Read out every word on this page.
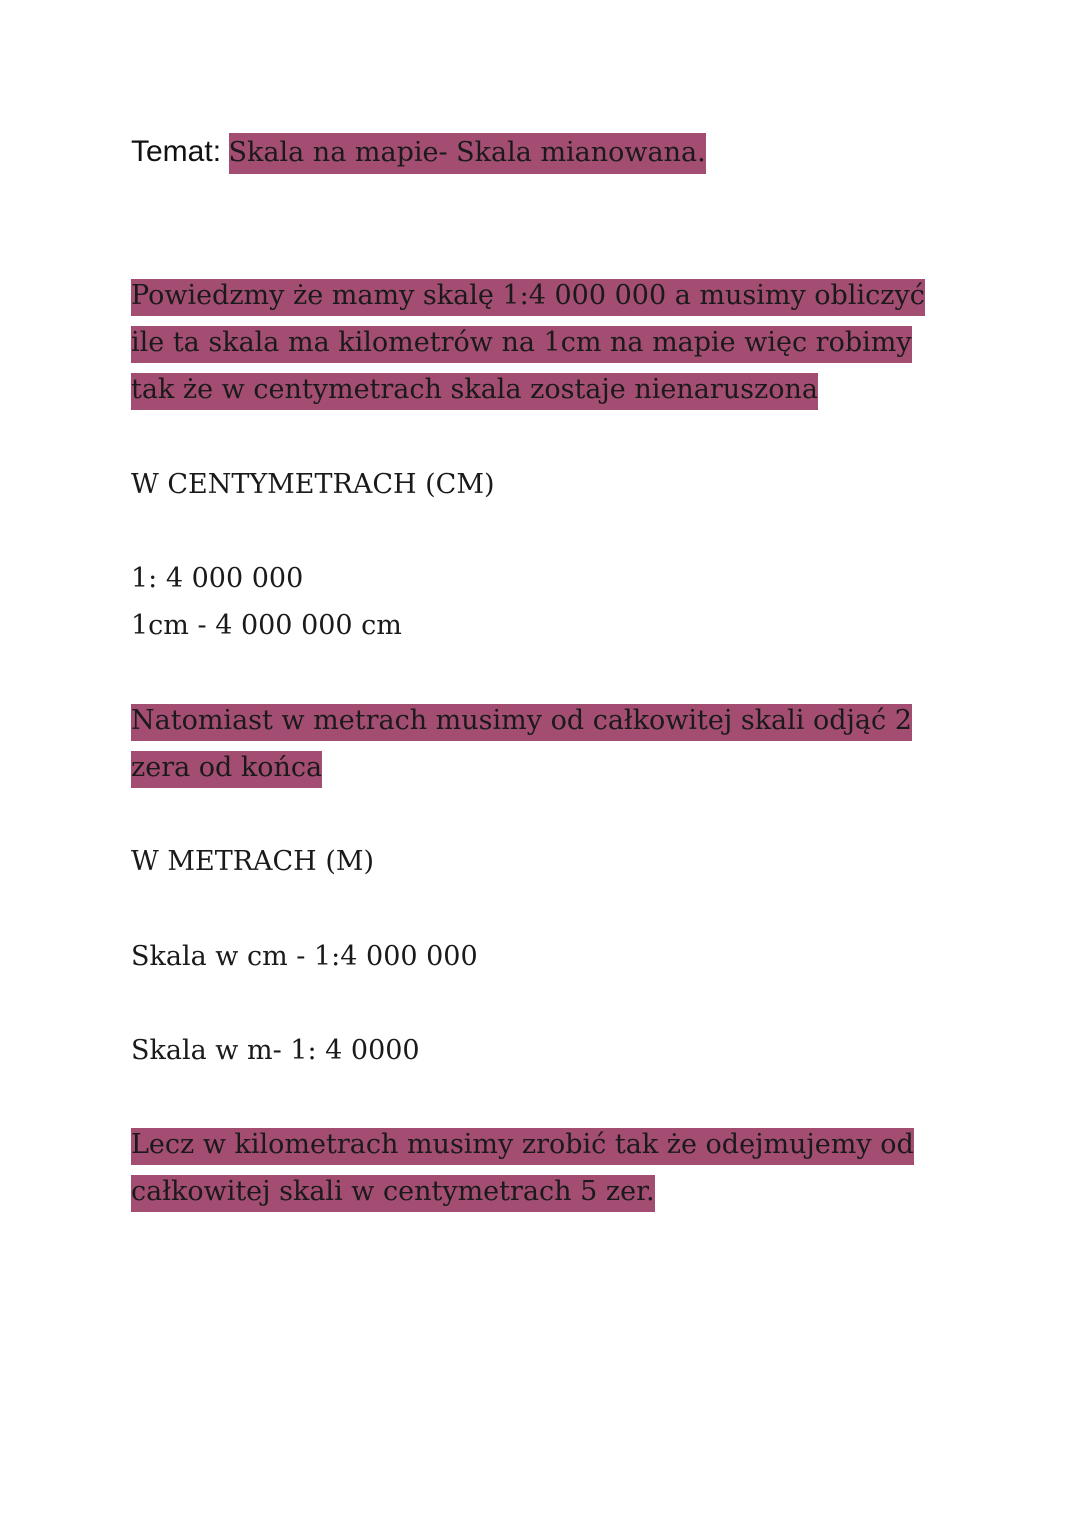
Temat: Skala na mapie- Skala mianowana.

Powiedzmy że mamy skalę 1:4 000 000 a musimy obliczyć ile ta skala ma kilometrów na 1cm na mapie więc robimy tak że w centymetrach skala zostaje nienaruszona

W CENTYMETRACH (CM)

1: 4 000 000

1cm - 4 000 000 cm

Natomiast w metrach musimy od całkowitej skali odjąć 2 zera od końca

W METRACH (M)

Skala w cm - 1:4 000 000

Skala w m- 1: 4 0000

Lecz w kilometrach musimy zrobić tak że odejmujemy od całkowitej skali w centymetrach 5 zer.
